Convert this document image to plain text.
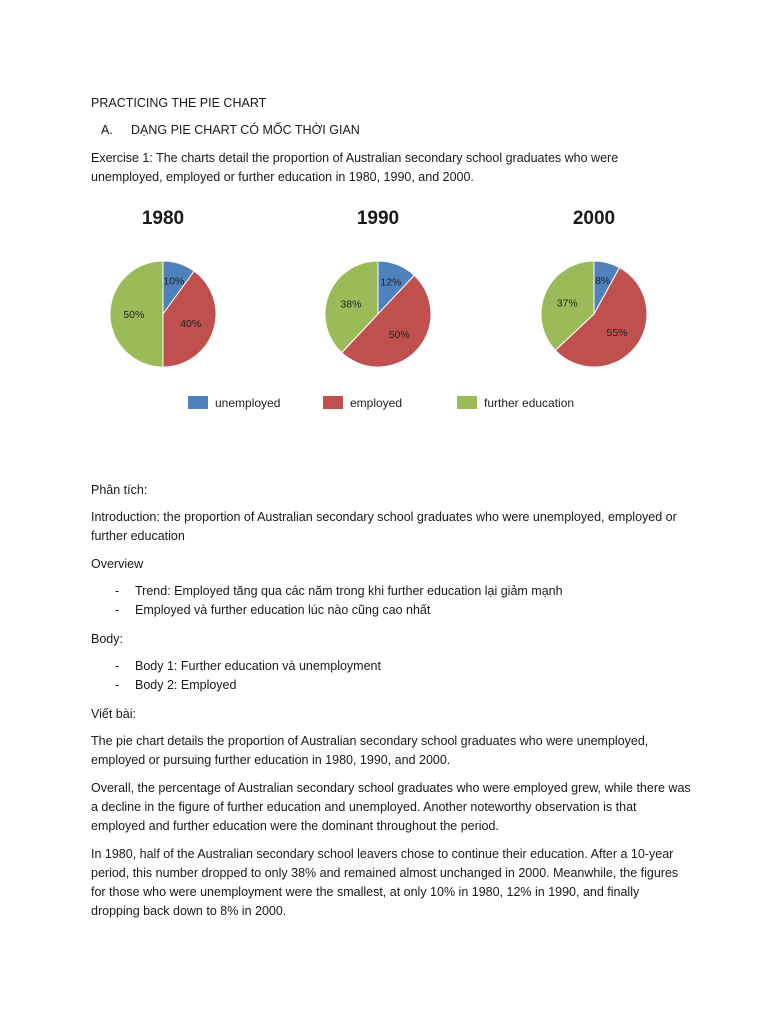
PRACTICING THE PIE CHART
A.	DẠNG PIE CHART CÓ MỐC THỜI GIAN
Exercise 1: The charts detail the proportion of Australian secondary school graduates who were unemployed, employed or further education in 1980, 1990, and 2000.
1980
10%
40%
50%
1990
12%
50%
38%
2000
8%
55%
37%
unemployed	employed	further education
Phân tích:
Introduction: the proportion of Australian secondary school graduates who were unemployed, employed or further education
Overview
-	Trend: Employed tăng qua các năm trong khi further education lại giảm mạnh
-	Employed và further education lúc nào cũng cao nhất
Body:
-	Body 1: Further education và unemployment
-	Body 2: Employed
Viết bài:
The pie chart details the proportion of Australian secondary school graduates who were unemployed, employed or pursuing further education in 1980, 1990, and 2000.
Overall, the percentage of Australian secondary school graduates who were employed grew, while there was a decline in the figure of further education and unemployed. Another noteworthy observation is that employed and further education were the dominant throughout the period.
In 1980, half of the Australian secondary school leavers chose to continue their education. After a 10-year period, this number dropped to only 38% and remained almost unchanged in 2000. Meanwhile, the figures for those who were unemployment were the smallest, at only 10% in 1980, 12% in 1990, and finally dropping back down to 8% in 2000.
